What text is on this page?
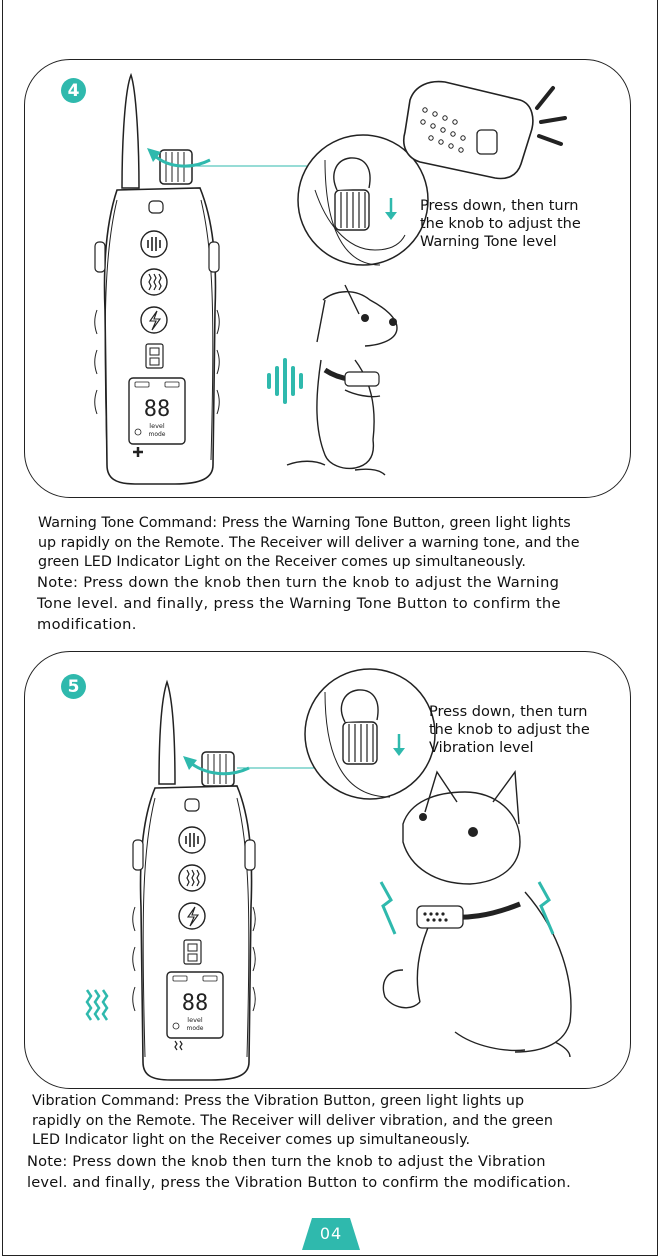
88
level
mode
4
Press down, then turn
the knob to adjust the
Warning Tone level
Warning Tone Command: Press the Warning Tone Button, green light lights
up rapidly on the Remote. The Receiver will deliver a warning tone, and the
green LED Indicator Light on the Receiver comes up simultaneously.
Note: Press down the knob then turn the knob to adjust the Warning
Tone level. and finally, press the Warning Tone Button to confirm the
modification.
88
level
mode
5
Press down, then turn
the knob to adjust the
Vibration level
Vibration Command: Press the Vibration Button, green light lights up
rapidly on the Remote. The Receiver will deliver vibration, and the green
LED Indicator light on the Receiver comes up simultaneously.
Note: Press down the knob then turn the knob to adjust the Vibration
level. and finally, press the Vibration Button to confirm the modification.
04
